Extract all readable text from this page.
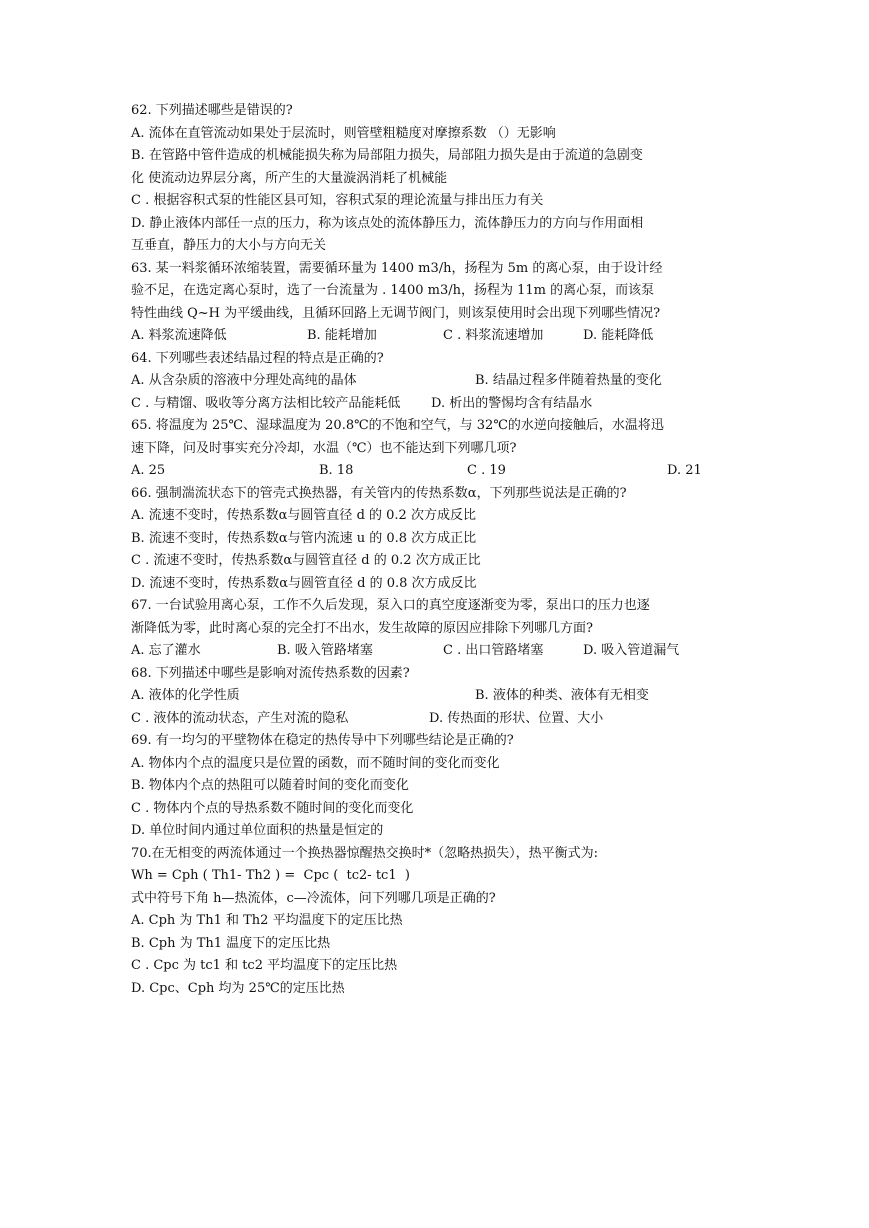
62. 下列描述哪些是错误的?
A. 流体在直管流动如果处于层流时，则管壁粗糙度对摩擦系数 （）无影响
B. 在管路中管件造成的机械能损失称为局部阻力损失，局部阻力损失是由于流道的急剧变
化 使流动边界层分离，所产生的大量漩涡消耗了机械能
C . 根据容积式泵的性能区县可知，容积式泵的理论流量与排出压力有关
D. 静止液体内部任一点的压力，称为该点处的流体静压力，流体静压力的方向与作用面相
互垂直，静压力的大小与方向无关
63. 某一料浆循环浓缩装置，需要循环量为 1400 m3/h，扬程为 5m 的离心泵，由于设计经
验不足，在选定离心泵时，选了一台流量为 . 1400 m3/h，扬程为 11m 的离心泵，而该泵
特性曲线 Q~H 为平缓曲线，且循环回路上无调节阀门，则该泵使用时会出现下列哪些情况?
A. 料浆流速降低	B. 能耗增加	C . 料浆流速增加	D. 能耗降低
64. 下列哪些表述结晶过程的特点是正确的?
A. 从含杂质的溶液中分理处高纯的晶体	B. 结晶过程多伴随着热量的变化
C . 与精馏、吸收等分离方法相比较产品能耗低	D. 析出的警惕均含有结晶水
65. 将温度为 25℃、湿球温度为 20.8℃的不饱和空气，与 32℃的水逆向接触后，水温将迅
速下降，问及时事实充分冷却，水温（℃）也不能达到下列哪几项?
A. 25	B. 18	C . 19	D. 21
66. 强制湍流状态下的管壳式换热器，有关管内的传热系数α，下列那些说法是正确的?
A. 流速不变时，传热系数α与圆管直径 d 的 0.2 次方成反比
B. 流速不变时，传热系数α与管内流速 u 的 0.8 次方成正比
C . 流速不变时，传热系数α与圆管直径 d 的 0.2 次方成正比
D. 流速不变时，传热系数α与圆管直径 d 的 0.8 次方成反比
67. 一台试验用离心泵，工作不久后发现，泵入口的真空度逐渐变为零，泵出口的压力也逐
渐降低为零，此时离心泵的完全打不出水，发生故障的原因应排除下列哪几方面?
A. 忘了灌水	B. 吸入管路堵塞	C . 出口管路堵塞	D. 吸入管道漏气
68. 下列描述中哪些是影响对流传热系数的因素?
A. 液体的化学性质	B. 液体的种类、液体有无相变
C . 液体的流动状态，产生对流的隐私	D. 传热面的形状、位置、大小
69. 有一均匀的平壁物体在稳定的热传导中下列哪些结论是正确的?
A. 物体内个点的温度只是位置的函数，而不随时间的变化而变化
B. 物体内个点的热阻可以随着时间的变化而变化
C . 物体内个点的导热系数不随时间的变化而变化
D. 单位时间内通过单位面积的热量是恒定的
70.在无相变的两流体通过一个换热器惊醒热交换时*（忽略热损失），热平衡式为:
Wh = Cph ( Th1- Th2 ) =  Cpc (  tc2- tc1  )
式中符号下角 h—热流体，c—冷流体，问下列哪几项是正确的?
A. Cph 为 Th1 和 Th2 平均温度下的定压比热
B. Cph 为 Th1 温度下的定压比热
C . Cpc 为 tc1 和 tc2 平均温度下的定压比热
D. Cpc、Cph 均为 25℃的定压比热
